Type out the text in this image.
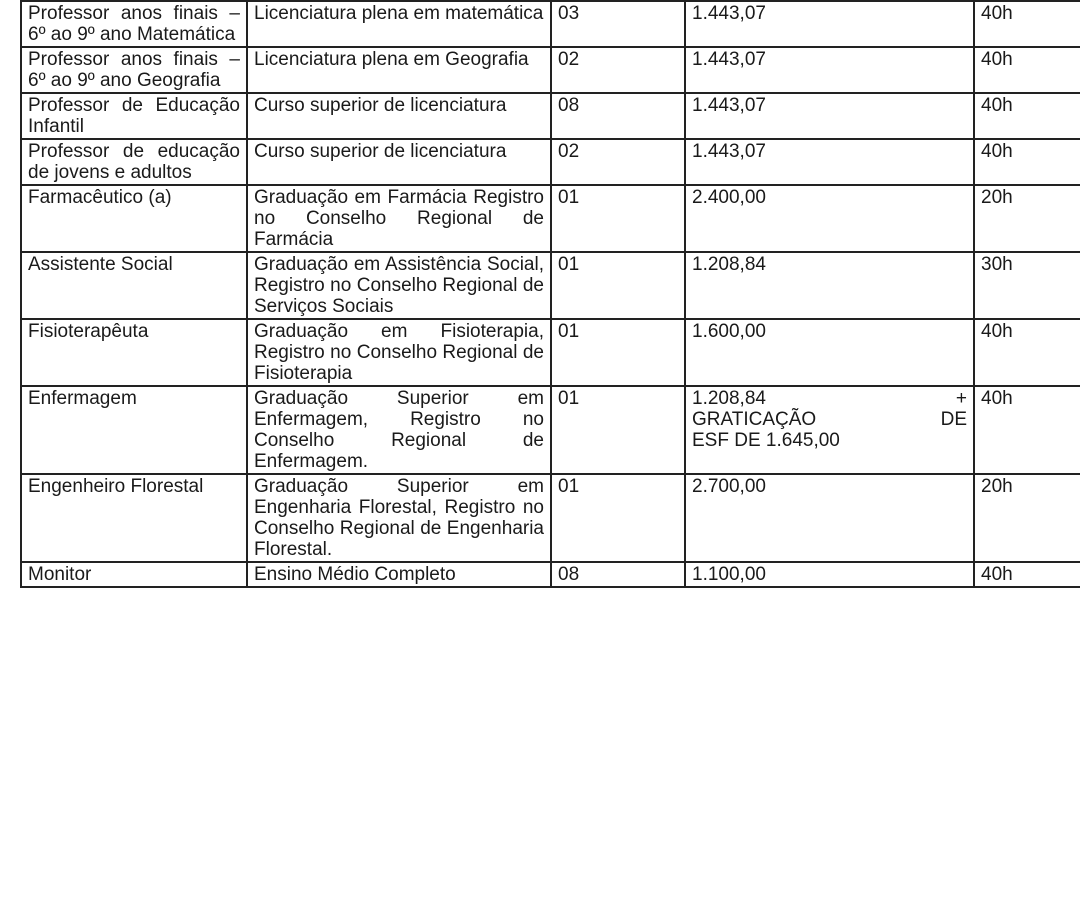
Professor anos finais – 6º ao 9º ano Matemática	Licenciatura plena em matemática	03	1.443,07	40h
Professor anos finais – 6º ao 9º ano Geografia	Licenciatura plena em Geografia	02	1.443,07	40h
Professor de Educação Infantil	Curso superior de licenciatura	08	1.443,07	40h
Professor de educação de jovens e adultos	Curso superior de licenciatura	02	1.443,07	40h
Farmacêutico (a)	Graduação em Farmácia Registro no Conselho Regional de Farmácia	01	2.400,00	20h
Assistente Social	Graduação em Assistência Social, Registro no Conselho Regional de Serviços Sociais	01	1.208,84	30h
Fisioterapêuta	Graduação em Fisioterapia, Registro no Conselho Regional de Fisioterapia	01	1.600,00	40h
Enfermagem	Graduação Superior em Enfermagem, Registro no Conselho Regional de Enfermagem.	01	1.208,84 +
GRATICAÇÃO DE
ESF DE 1.645,00	40h
Engenheiro Florestal	Graduação Superior em Engenharia Florestal, Registro no Conselho Regional de Engenharia Florestal.	01	2.700,00	20h
Monitor	Ensino Médio Completo	08	1.100,00	40h
